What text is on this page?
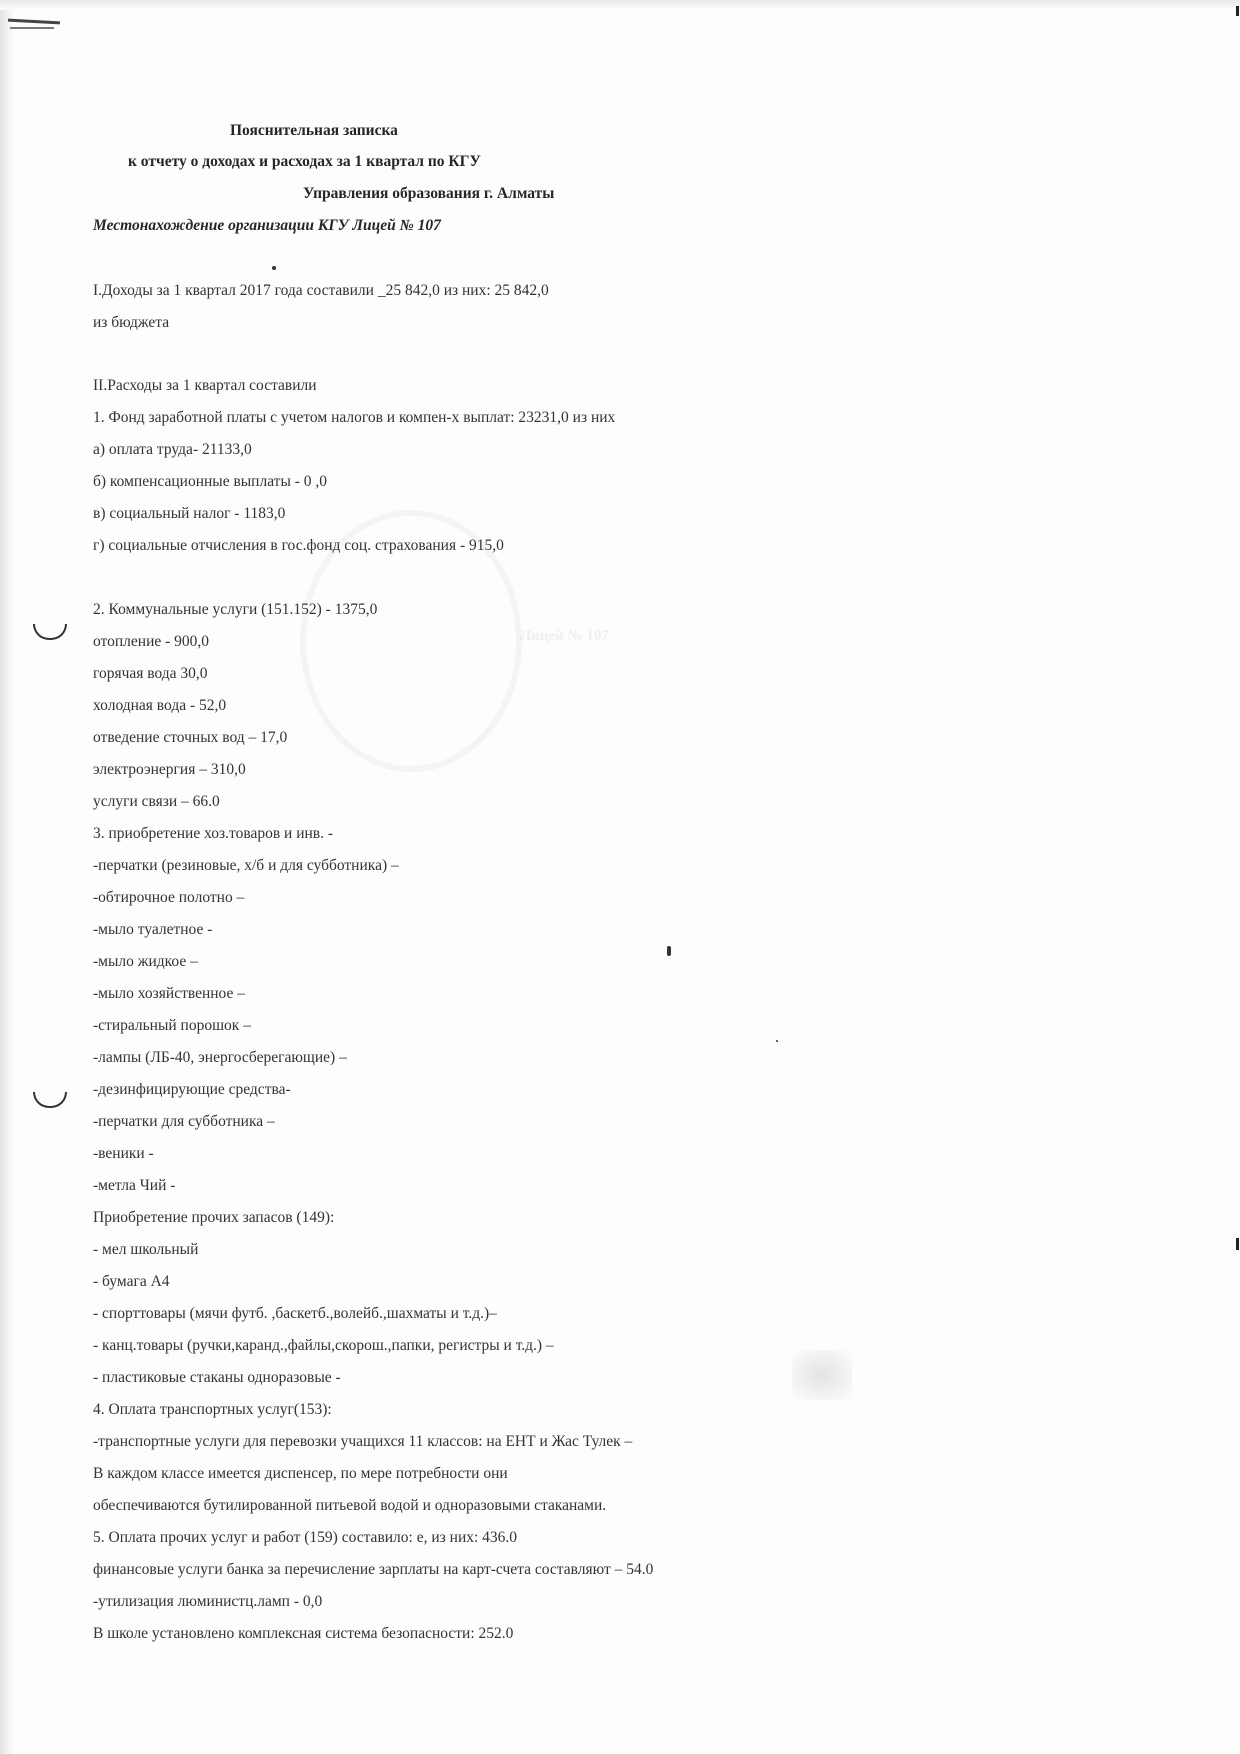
Лицей № 107
Пояснительная записка
к отчету о доходах и расходах за 1 квартал по КГУ
Управления образования г. Алматы
Местонахождение организации КГУ Лицей № 107
I.Доходы за 1 квартал 2017 года составили _25 842,0 из них: 25 842,0
из бюджета
II.Расходы за 1 квартал составили
1. Фонд заработной платы с учетом налогов и компен-х выплат: 23231,0 из них
а) оплата труда- 21133,0
б) компенсационные выплаты - 0 ,0
в) социальный налог - 1183,0
г) социальные отчисления в гос.фонд соц. страхования - 915,0
2. Коммунальные услуги (151.152) - 1375,0
отопление - 900,0
горячая вода 30,0
холодная вода - 52,0
отведение сточных вод – 17,0
электроэнергия – 310,0
услуги связи – 66.0
3. приобретение хоз.товаров и инв. -
-перчатки (резиновые, х/б и для субботника) –
-обтирочное полотно –
-мыло туалетное -
-мыло жидкое –
-мыло хозяйственное –
-стиральный порошок –
-лампы (ЛБ-40, энергосберегающие) –
-дезинфицирующие средства-
-перчатки для субботника –
-веники -
-метла Чий -
Приобретение прочих запасов (149):
- мел школьный
- бумага А4
- спорттовары (мячи футб. ,баскетб.,волейб.,шахматы и т.д.)–
- канц.товары (ручки,каранд.,файлы,скорош.,папки, регистры и т.д.) –
- пластиковые стаканы одноразовые -
4. Оплата транспортных услуг(153):
-транспортные услуги для перевозки учащихся 11 классов: на ЕНТ и Жас Тулек –
В каждом классе имеется диспенсер, по мере потребности они
обеспечиваются бутилированной питьевой водой и одноразовыми стаканами.
5. Оплата прочих услуг и работ (159) составило: е, из них: 436.0
финансовые услуги банка за перечисление зарплаты на карт-счета составляют – 54.0
-утилизация люминистц.ламп - 0,0
В школе установлено комплексная система безопасности: 252.0
